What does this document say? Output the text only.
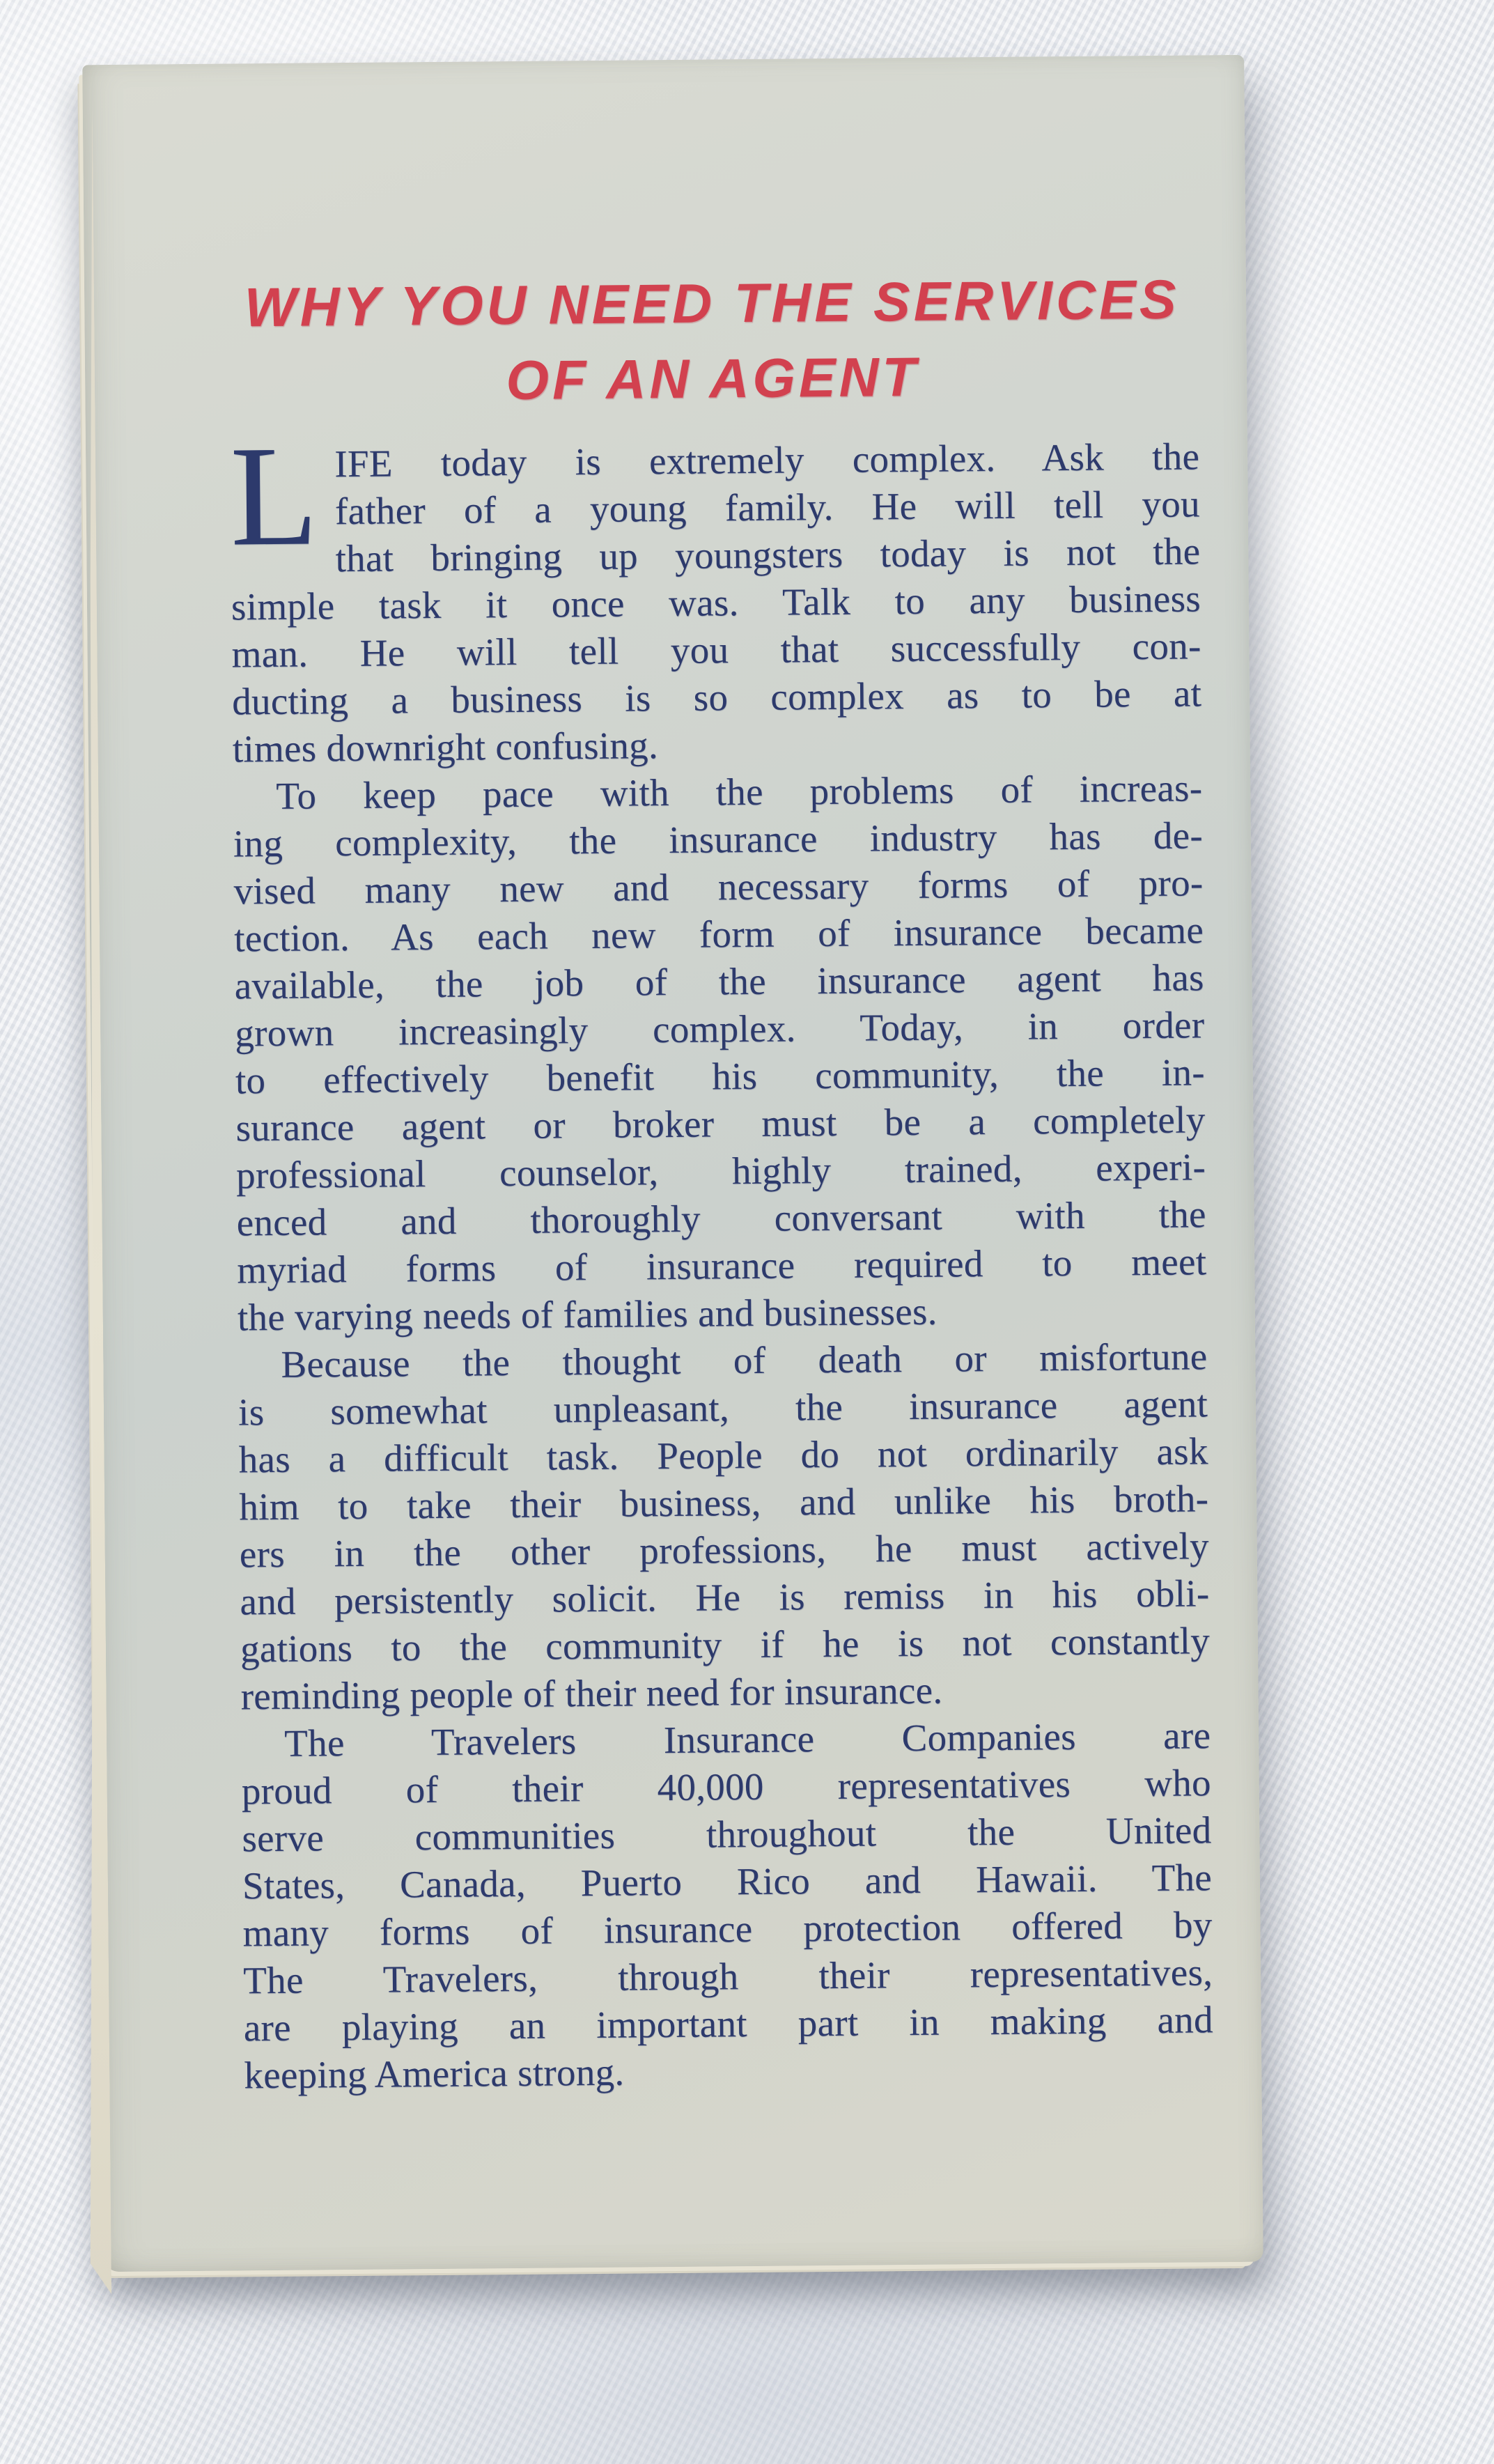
WHY YOU NEED THE SERVICES
OF AN AGENT
L IFE today is extremely complex. Ask the
father of a young family. He will tell you
that bringing up youngsters today is not the
simple task it once was. Talk to any business
man. He will tell you that successfully con-
ducting a business is so complex as to be at
times downright confusing.
To keep pace with the problems of increas-
ing complexity, the insurance industry has de-
vised many new and necessary forms of pro-
tection. As each new form of insurance became
available, the job of the insurance agent has
grown increasingly complex. Today, in order
to effectively benefit his community, the in-
surance agent or broker must be a completely
professional counselor, highly trained, experi-
enced and thoroughly conversant with the
myriad forms of insurance required to meet
the varying needs of families and businesses.
Because the thought of death or misfortune
is somewhat unpleasant, the insurance agent
has a difficult task. People do not ordinarily ask
him to take their business, and unlike his broth-
ers in the other professions, he must actively
and persistently solicit. He is remiss in his obli-
gations to the community if he is not constantly
reminding people of their need for insurance.
The Travelers Insurance Companies are
proud of their 40,000 representatives who
serve communities throughout the United
States, Canada, Puerto Rico and Hawaii. The
many forms of insurance protection offered by
The Travelers, through their representatives,
are playing an important part in making and
keeping America strong.
